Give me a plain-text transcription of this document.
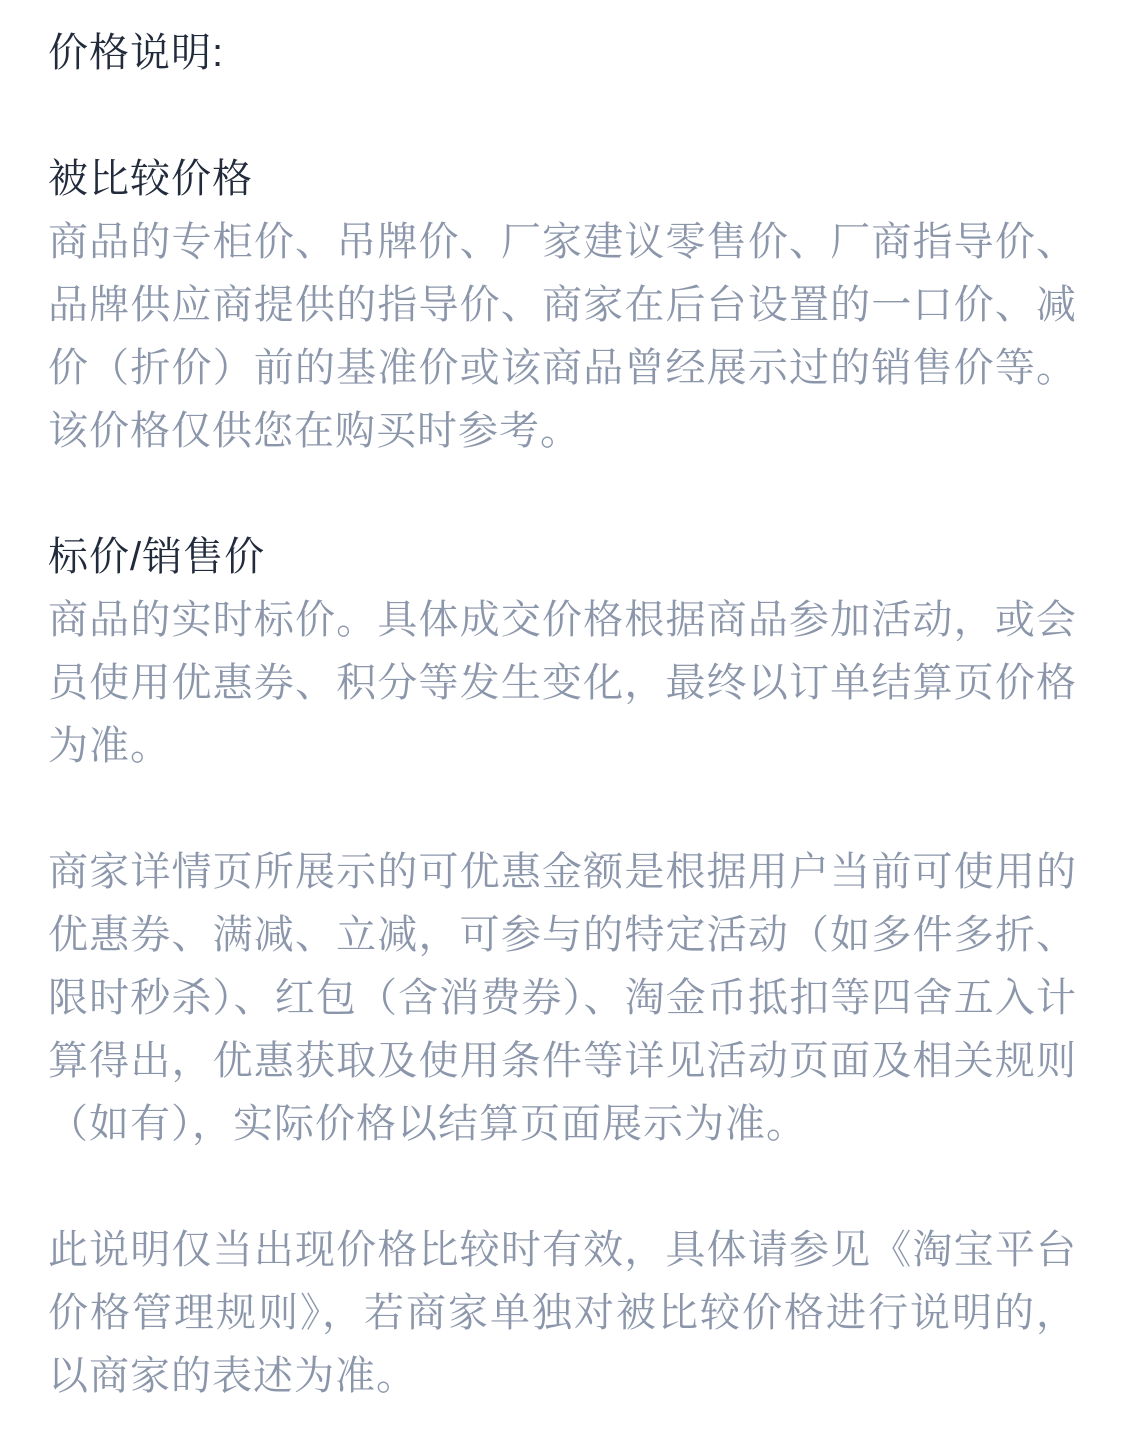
价格说明:
被比较价格

商品的专柜价、吊牌价、厂家建议零售价、厂商指导价、品牌供应商提供的指导价、商家在后台设置的一口价、减价（折价）前的基准价或该商品曾经展示过的销售价等。该价格仅供您在购买时参考。

标价/销售价

商品的实时标价。具体成交价格根据商品参加活动，或会员使用优惠券、积分等发生变化，最终以订单结算页价格为准。

商家详情页所展示的可优惠金额是根据用户当前可使用的优惠券、满减、立减，可参与的特定活动（如多件多折、限时秒杀）、红包（含消费券）、淘金币抵扣等四舍五入计算得出，优惠获取及使用条件等详见活动页面及相关规则（如有），实际价格以结算页面展示为准。

此说明仅当出现价格比较时有效，具体请参见《淘宝平台价格管理规则》，若商家单独对被比较价格进行说明的，以商家的表述为准。
